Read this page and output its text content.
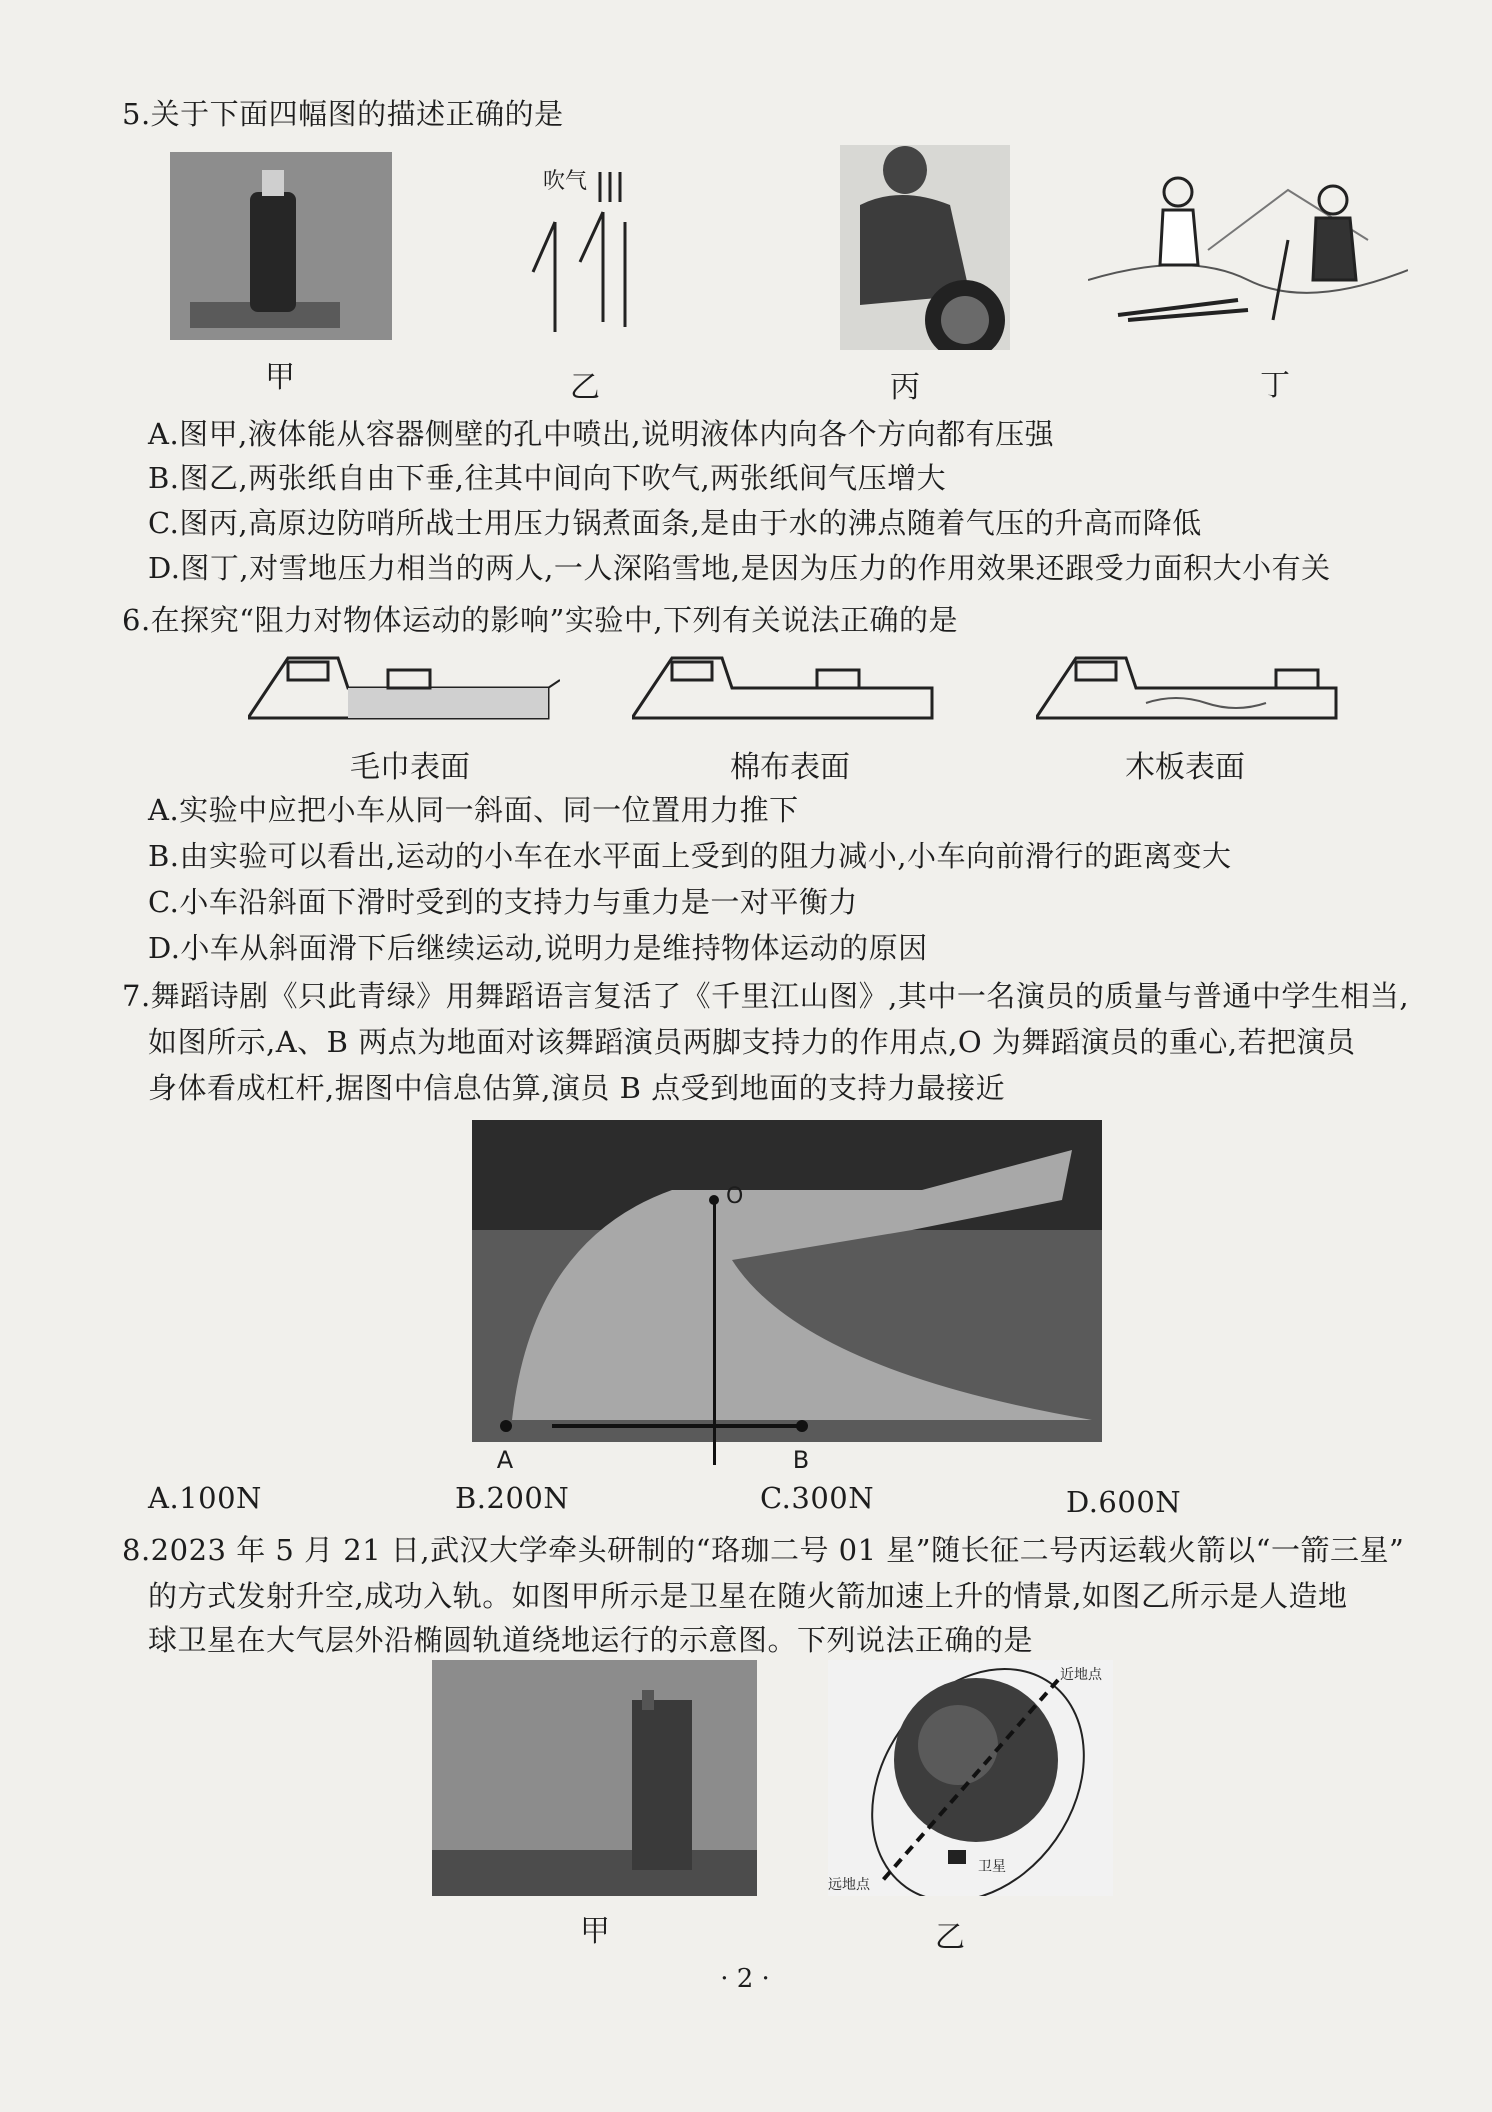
5.关于下面四幅图的描述正确的是
甲
吹气
乙	丙	丁
A.图甲,液体能从容器侧壁的孔中喷出,说明液体内向各个方向都有压强
B.图乙,两张纸自由下垂,往其中间向下吹气,两张纸间气压增大
C.图丙,高原边防哨所战士用压力锅煮面条,是由于水的沸点随着气压的升高而降低
D.图丁,对雪地压力相当的两人,一人深陷雪地,是因为压力的作用效果还跟受力面积大小有关
6.在探究“阻力对物体运动的影响”实验中,下列有关说法正确的是
毛巾表面	棉布表面	木板表面
A.实验中应把小车从同一斜面、同一位置用力推下
B.由实验可以看出,运动的小车在水平面上受到的阻力减小,小车向前滑行的距离变大
C.小车沿斜面下滑时受到的支持力与重力是一对平衡力
D.小车从斜面滑下后继续运动,说明力是维持物体运动的原因
7.舞蹈诗剧《只此青绿》用舞蹈语言复活了《千里江山图》,其中一名演员的质量与普通中学生相当,
如图所示,A、B 两点为地面对该舞蹈演员两脚支持力的作用点,O 为舞蹈演员的重心,若把演员
身体看成杠杆,据图中信息估算,演员 B 点受到地面的支持力最接近
O
A	B
A.100N	B.200N	C.300N	D.600N
8.2023 年 5 月 21 日,武汉大学牵头研制的“珞珈二号 01 星”随长征二号丙运载火箭以“一箭三星”
的方式发射升空,成功入轨。如图甲所示是卫星在随火箭加速上升的情景,如图乙所示是人造地
球卫星在大气层外沿椭圆轨道绕地运行的示意图。下列说法正确的是
甲
近地点
远地点
卫星
乙
· 2 ·
